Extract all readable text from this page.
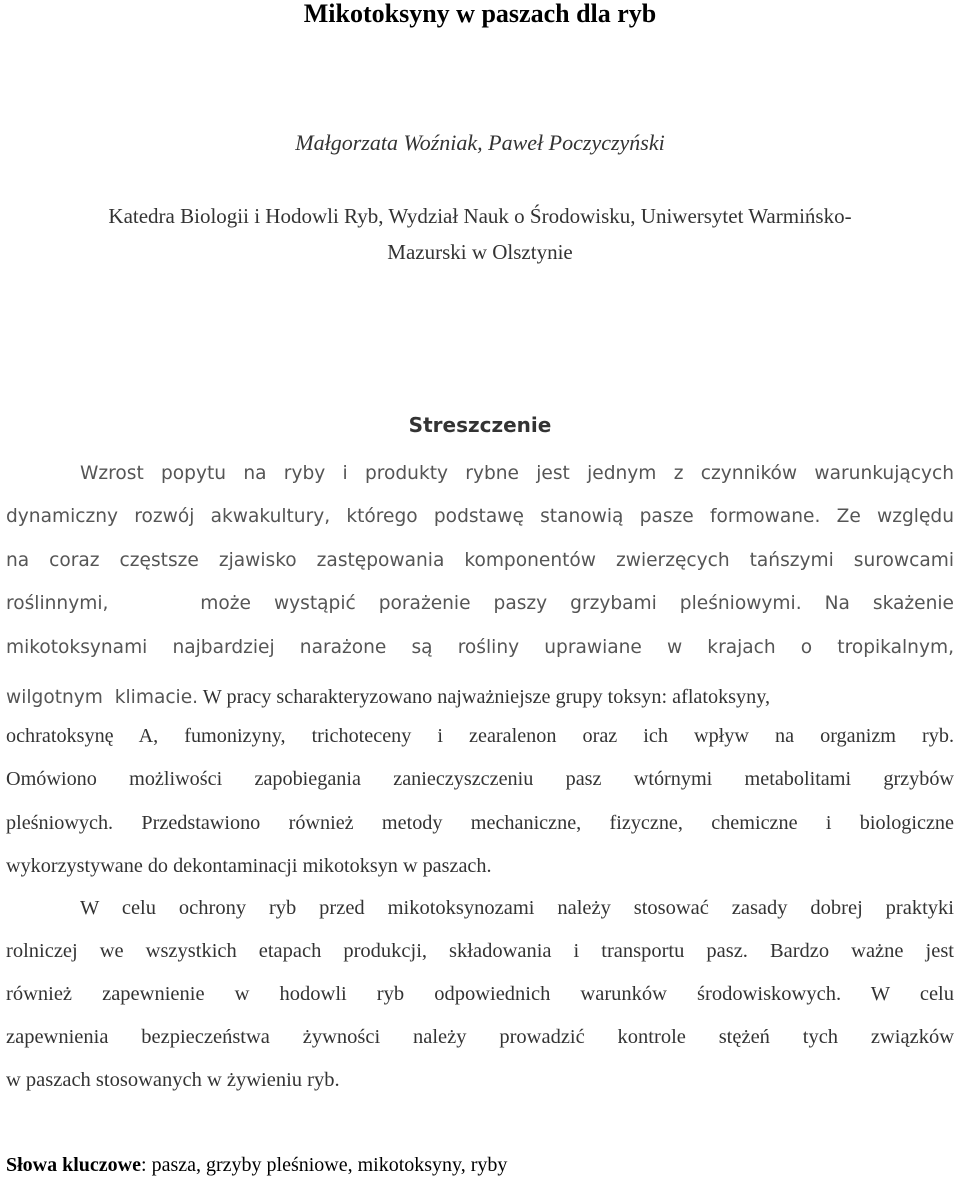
Mikotoksyny w paszach dla ryb
Małgorzata Woźniak, Paweł Poczyczyński
Katedra Biologii i Hodowli Ryb, Wydział Nauk o Środowisku, Uniwersytet Warmińsko-
Mazurski w Olsztynie
Streszczenie
Wzrost popytu na ryby i produkty rybne jest jednym z czynników warunkujących
dynamiczny rozwój akwakultury, którego podstawę stanowią pasze formowane. Ze względu
na coraz częstsze zjawisko zastępowania komponentów zwierzęcych tańszymi surowcami
roślinnymi,    może wystąpić porażenie paszy grzybami pleśniowymi. Na skażenie
mikotoksynami najbardziej narażone są rośliny uprawiane w krajach o tropikalnym,
wilgotnym  klimacie. W pracy scharakteryzowano najważniejsze grupy toksyn: aflatoksyny,
ochratoksynę A, fumonizyny, trichoteceny i zearalenon oraz ich wpływ na organizm ryb.
Omówiono możliwości zapobiegania zanieczyszczeniu pasz wtórnymi metabolitami grzybów
pleśniowych. Przedstawiono również metody mechaniczne, fizyczne, chemiczne i biologiczne
wykorzystywane do dekontaminacji mikotoksyn w paszach.
W celu ochrony ryb przed mikotoksynozami należy stosować zasady dobrej praktyki
rolniczej we wszystkich etapach produkcji, składowania i transportu pasz. Bardzo ważne jest
również zapewnienie w hodowli ryb odpowiednich warunków środowiskowych. W celu
zapewnienia bezpieczeństwa żywności należy prowadzić kontrole stężeń tych związków
w paszach stosowanych w żywieniu ryb.
Słowa kluczowe: pasza, grzyby pleśniowe, mikotoksyny, ryby
